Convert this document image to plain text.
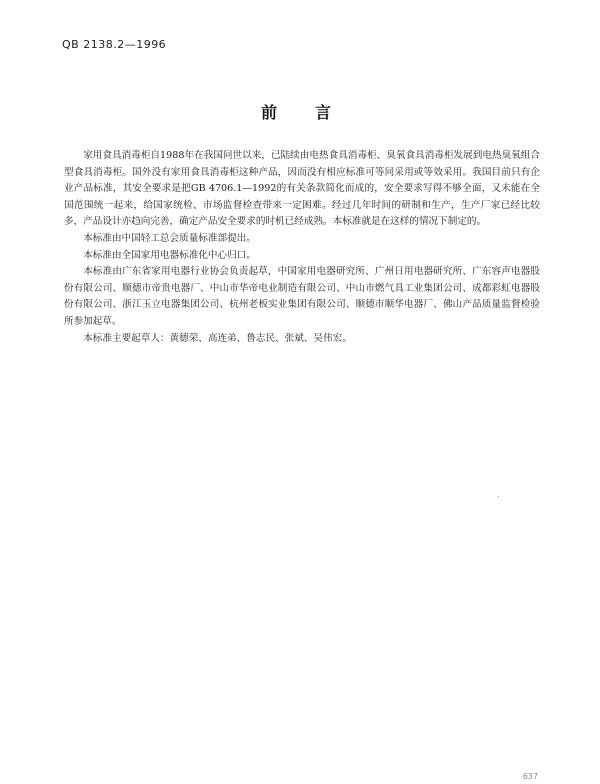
QB 2138.2—1996
前言

家用食具消毒柜自1988年在我国问世以来，已陆续由电热食具消毒柜、臭氧食具消毒柜发展到电热臭氧组合型食具消毒柜。国外没有家用食具消毒柜这种产品，因而没有相应标准可等同采用或等效采用。我国目前只有企业产品标准，其安全要求是把GB 4706.1—1992的有关条款简化而成的，安全要求写得不够全面，又未能在全国范围统一起来，给国家统检、市场监督检查带来一定困难。经过几年时间的研制和生产，生产厂家已经比较多，产品设计亦趋向完善，确定产品安全要求的时机已经成熟。本标准就是在这样的情况下制定的。

本标准由中国轻工总会质量标准部提出。

本标准由全国家用电器标准化中心归口。

本标准由广东省家用电器行业协会负责起草，中国家用电器研究所、广州日用电器研究所、广东容声电器股份有限公司、顺德市帝贵电器厂、中山市华帝电业制造有限公司、中山市燃气具工业集团公司、成都彩虹电器股份有限公司、浙江玉立电器集团公司、杭州老板实业集团有限公司、顺德市顺华电器厂、佛山产品质量监督检验所参加起草。

本标准主要起草人：黄德荣、高连弟、鲁志民、张斌、吴伟宏。

637
